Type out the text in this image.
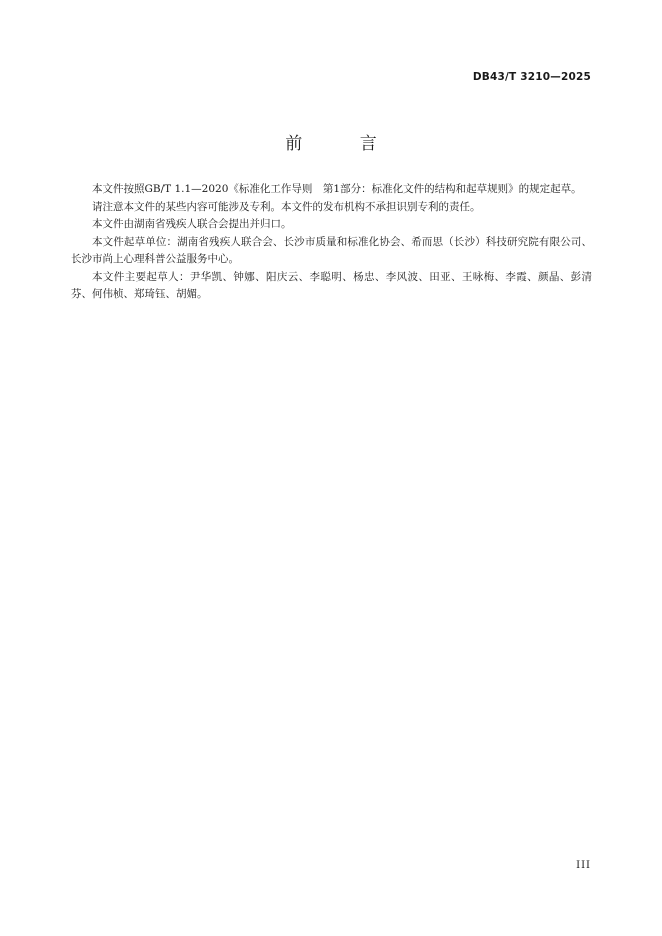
DB43/T 3210—2025
前 言

本文件按照GB/T 1.1—2020《标准化工作导则　第1部分：标准化文件的结构和起草规则》的规定起草。

请注意本文件的某些内容可能涉及专利。本文件的发布机构不承担识别专利的责任。

本文件由湖南省残疾人联合会提出并归口。

本文件起草单位：湖南省残疾人联合会、长沙市质量和标准化协会、希而思（长沙）科技研究院有限公司、长沙市尚上心理科普公益服务中心。

本文件主要起草人：尹华凯、钟娜、阳庆云、李聪明、杨忠、李风波、田亚、王咏梅、李霞、颜晶、彭清芬、何伟桢、郑琦钰、胡媚。

III
